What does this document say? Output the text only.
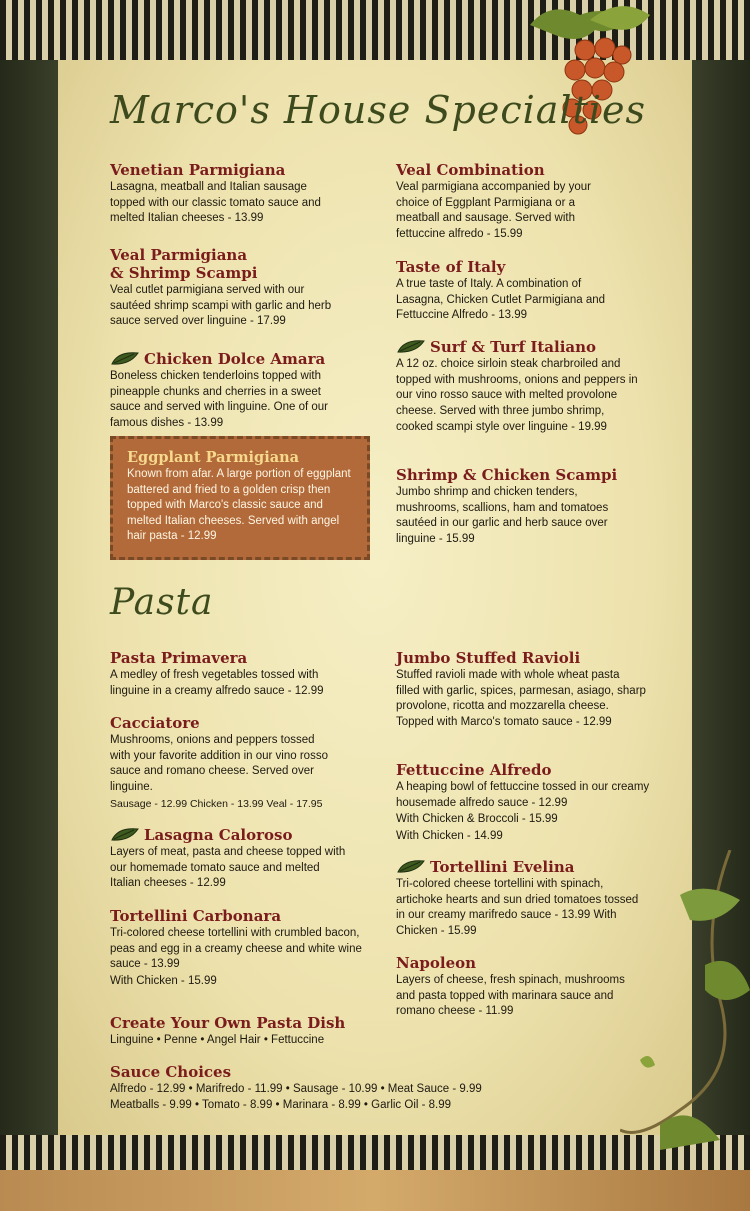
Marco's House Specialties
Venetian Parmigiana

Lasagna, meatball and Italian sausage topped with our classic tomato sauce and melted Italian cheeses - 13.99

Veal Parmigiana & Shrimp Scampi

Veal cutlet parmigiana served with our sautéed shrimp scampi with garlic and herb sauce served over linguine - 17.99

Chicken Dolce Amara

Boneless chicken tenderloins topped with pineapple chunks and cherries in a sweet sauce and served with linguine. One of our famous dishes - 13.99

Eggplant Parmigiana

Known from afar. A large portion of eggplant battered and fried to a golden crisp then topped with Marco's classic sauce and melted Italian cheeses. Served with angel hair pasta - 12.99

Veal Combination

Veal parmigiana accompanied by your choice of Eggplant Parmigiana or a meatball and sausage. Served with fettuccine alfredo - 15.99

Taste of Italy

A true taste of Italy. A combination of Lasagna, Chicken Cutlet Parmigiana and Fettuccine Alfredo - 13.99

Surf & Turf Italiano

A 12 oz. choice sirloin steak charbroiled and topped with mushrooms, onions and peppers in our vino rosso sauce with melted provolone cheese. Served with three jumbo shrimp, cooked scampi style over linguine - 19.99

Shrimp & Chicken Scampi

Jumbo shrimp and chicken tenders, mushrooms, scallions, ham and tomatoes sautéed in our garlic and herb sauce over linguine - 15.99

Pasta
Pasta Primavera

A medley of fresh vegetables tossed with linguine in a creamy alfredo sauce - 12.99

Cacciatore

Mushrooms, onions and peppers tossed with your favorite addition in our vino rosso sauce and romano cheese. Served over linguine.

Sausage - 12.99 Chicken - 13.99 Veal - 17.95

Lasagna Caloroso

Layers of meat, pasta and cheese topped with our homemade tomato sauce and melted Italian cheeses - 12.99

Tortellini Carbonara

Tri-colored cheese tortellini with crumbled bacon, peas and egg in a creamy cheese and white wine sauce - 13.99

With Chicken - 15.99

Jumbo Stuffed Ravioli

Stuffed ravioli made with whole wheat pasta filled with garlic, spices, parmesan, asiago, sharp provolone, ricotta and mozzarella cheese. Topped with Marco's tomato sauce - 12.99

Fettuccine Alfredo

A heaping bowl of fettuccine tossed in our creamy housemade alfredo sauce - 12.99

With Chicken & Broccoli - 15.99

With Chicken - 14.99

Tortellini Evelina

Tri-colored cheese tortellini with spinach, artichoke hearts and sun dried tomatoes tossed in our creamy marifredo sauce - 13.99 With Chicken - 15.99

Napoleon

Layers of cheese, fresh spinach, mushrooms and pasta topped with marinara sauce and romano cheese - 11.99

Create Your Own Pasta Dish

Linguine • Penne • Angel Hair • Fettuccine

Sauce Choices

Alfredo - 12.99 • Marifredo - 11.99 • Sausage - 10.99 • Meat Sauce - 9.99

Meatballs - 9.99 • Tomato - 8.99 • Marinara - 8.99 • Garlic Oil - 8.99
